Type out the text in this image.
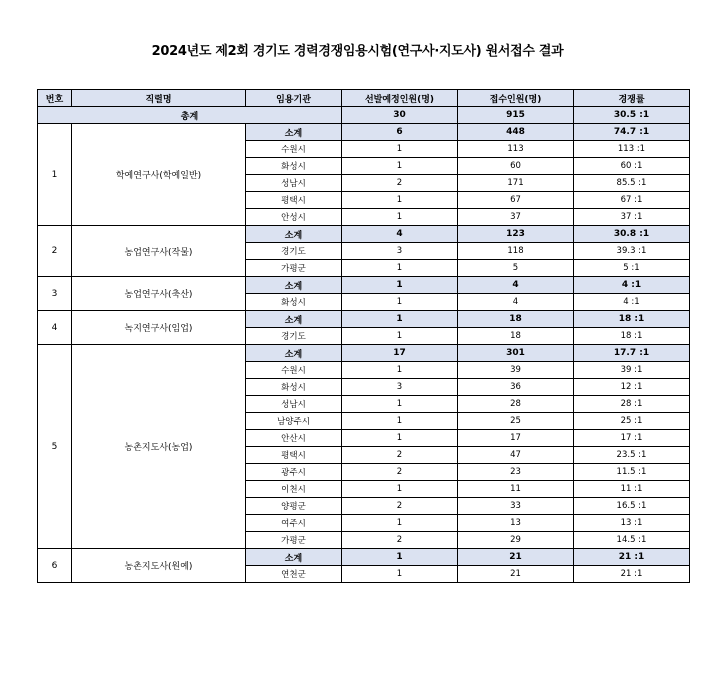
2024년도 제2회 경기도 경력경쟁임용시험(연구사·지도사) 원서접수 결과
번호	직렬명	임용기관	선발예정인원(명)	접수인원(명)	경쟁률
총계			30	915	30.5 :1
1	학예연구사(학예일반)	소계	6	448	74.7 :1
		수원시	1	113	113 :1
		화성시	1	60	60 :1
		성남시	2	171	85.5 :1
		평택시	1	67	67 :1
		안성시	1	37	37 :1
2	농업연구사(작물)	소계	4	123	30.8 :1
		경기도	3	118	39.3 :1
		가평군	1	5	5 :1
3	농업연구사(축산)	소계	1	4	4 :1
		화성시	1	4	4 :1
4	녹지연구사(임업)	소계	1	18	18 :1
		경기도	1	18	18 :1
5	농촌지도사(농업)	소계	17	301	17.7 :1
		수원시	1	39	39 :1
		화성시	3	36	12 :1
		성남시	1	28	28 :1
		남양주시	1	25	25 :1
		안산시	1	17	17 :1
		평택시	2	47	23.5 :1
		광주시	2	23	11.5 :1
		이천시	1	11	11 :1
		양평군	2	33	16.5 :1
		여주시	1	13	13 :1
		가평군	2	29	14.5 :1
6	농촌지도사(원예)	소계	1	21	21 :1
		연천군	1	21	21 :1
